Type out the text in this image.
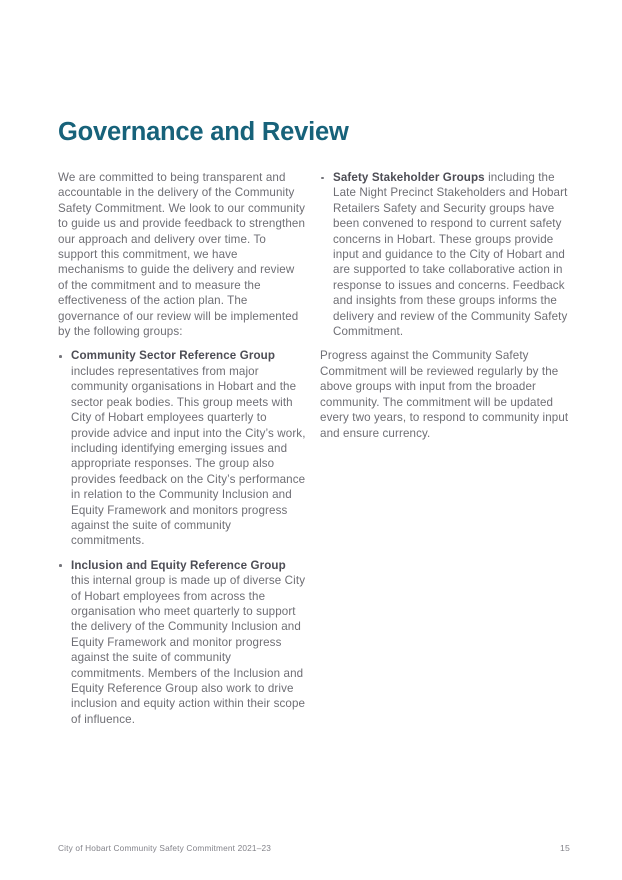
Governance and Review

We are committed to being transparent and accountable in the delivery of the Community Safety Commitment. We look to our community to guide us and provide feedback to strengthen our approach and delivery over time. To support this commitment, we have mechanisms to guide the delivery and review of the commitment and to measure the effectiveness of the action plan. The governance of our review will be implemented by the following groups:

Community Sector Reference Group
includes representatives from major community organisations in Hobart and the sector peak bodies. This group meets with City of Hobart employees quarterly to provide advice and input into the City’s work, including identifying emerging issues and appropriate responses. The group also provides feedback on the City’s performance in relation to the Community Inclusion and Equity Framework and monitors progress against the suite of community commitments.
Inclusion and Equity Reference Group
this internal group is made up of diverse City of Hobart employees from across the organisation who meet quarterly to support the delivery of the Community Inclusion and Equity Framework and monitor progress against the suite of community commitments. Members of the Inclusion and Equity Reference Group also work to drive inclusion and equity action within their scope of influence.
Safety Stakeholder Groups including the Late Night Precinct Stakeholders and Hobart Retailers Safety and Security groups have been convened to respond to current safety concerns in Hobart. These groups provide input and guidance to the City of Hobart and are supported to take collaborative action in response to issues and concerns. Feedback and insights from these groups informs the delivery and review of the Community Safety Commitment.

Progress against the Community Safety Commitment will be reviewed regularly by the above groups with input from the broader community. The commitment will be updated every two years, to respond to community input and ensure currency.

City of Hobart Community Safety Commitment 2021–23	15
